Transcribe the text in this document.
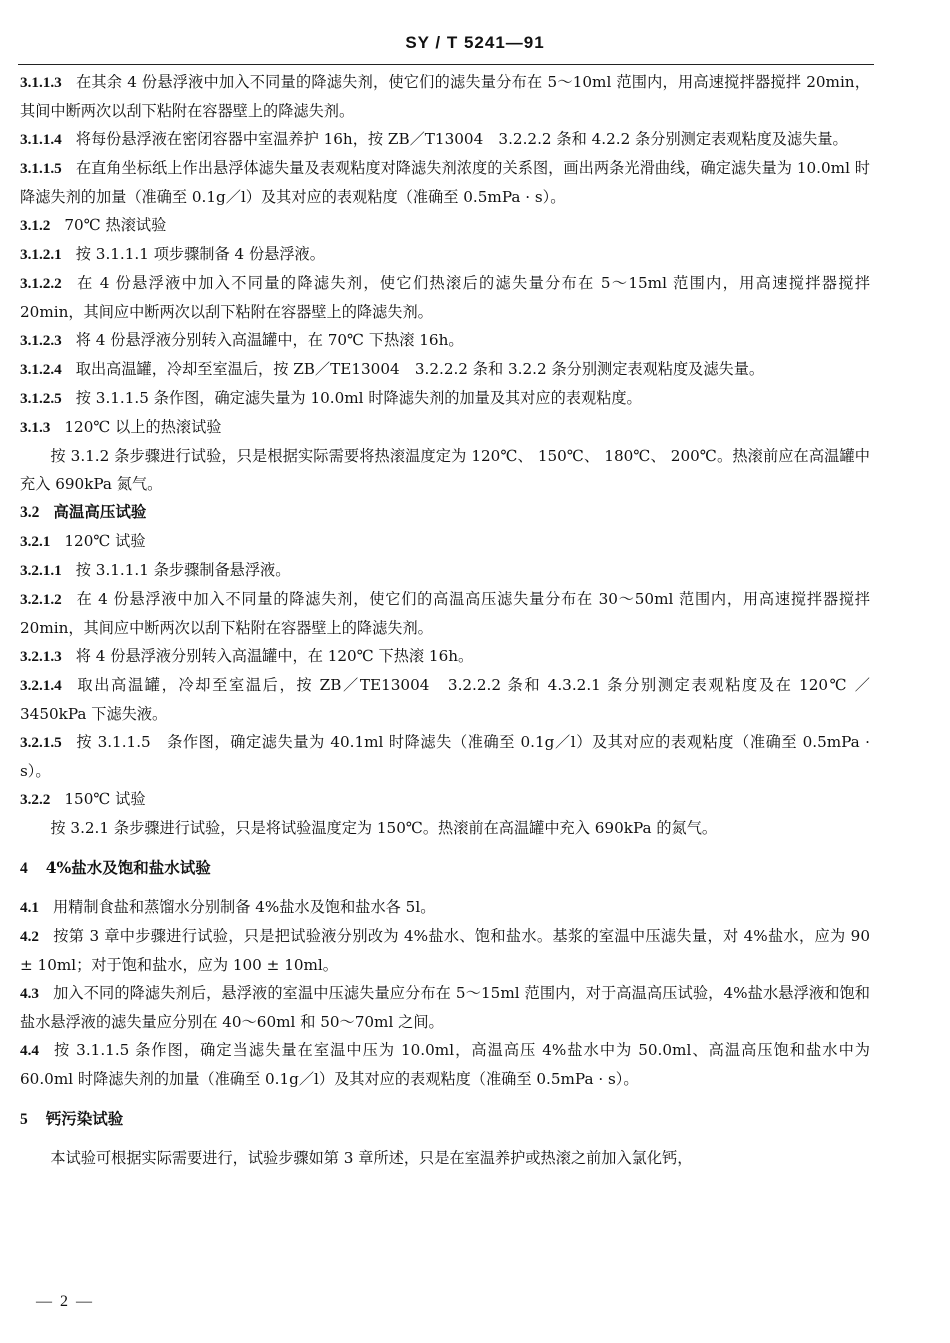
SY / T 5241—91

3.1.1.3 在其余 4 份悬浮液中加入不同量的降滤失剂，使它们的滤失量分布在 5～10ml 范围内，用高速搅拌器搅拌 20min，其间中断两次以刮下粘附在容器壁上的降滤失剂。

3.1.1.4 将每份悬浮液在密闭容器中室温养护 16h，按 ZB／T13004　3.2.2.2 条和 4.2.2 条分别测定表观粘度及滤失量。

3.1.1.5 在直角坐标纸上作出悬浮体滤失量及表观粘度对降滤失剂浓度的关系图，画出两条光滑曲线，确定滤失量为 10.0ml 时降滤失剂的加量（准确至 0.1g／l）及其对应的表观粘度（准确至 0.5mPa · s）。

3.1.2 70℃ 热滚试验

3.1.2.1 按 3.1.1.1 项步骤制备 4 份悬浮液。

3.1.2.2 在 4 份悬浮液中加入不同量的降滤失剂，使它们热滚后的滤失量分布在 5～15ml 范围内，用高速搅拌器搅拌 20min，其间应中断两次以刮下粘附在容器壁上的降滤失剂。

3.1.2.3 将 4 份悬浮液分别转入高温罐中，在 70℃ 下热滚 16h。

3.1.2.4 取出高温罐，冷却至室温后，按 ZB／TE13004　3.2.2.2 条和 3.2.2 条分别测定表观粘度及滤失量。

3.1.2.5 按 3.1.1.5 条作图，确定滤失量为 10.0ml 时降滤失剂的加量及其对应的表观粘度。

3.1.3 120℃ 以上的热滚试验

按 3.1.2 条步骤进行试验，只是根据实际需要将热滚温度定为 120℃、 150℃、 180℃、 200℃。热滚前应在高温罐中充入 690kPa 氮气。

3.2 高温高压试验

3.2.1 120℃ 试验

3.2.1.1 按 3.1.1.1 条步骤制备悬浮液。

3.2.1.2 在 4 份悬浮液中加入不同量的降滤失剂，使它们的高温高压滤失量分布在 30～50ml 范围内，用高速搅拌器搅拌 20min，其间应中断两次以刮下粘附在容器壁上的降滤失剂。

3.2.1.3 将 4 份悬浮液分别转入高温罐中，在 120℃ 下热滚 16h。

3.2.1.4 取出高温罐，冷却至室温后，按 ZB／TE13004　3.2.2.2 条和 4.3.2.1 条分别测定表观粘度及在 120℃ ／3450kPa 下滤失液。

3.2.1.5 按 3.1.1.5　条作图，确定滤失量为 40.1ml 时降滤失（准确至 0.1g／l）及其对应的表观粘度（准确至 0.5mPa · s）。

3.2.2 150℃ 试验

按 3.2.1 条步骤进行试验，只是将试验温度定为 150℃。热滚前在高温罐中充入 690kPa 的氮气。

4 4%盐水及饱和盐水试验

4.1 用精制食盐和蒸馏水分别制备 4%盐水及饱和盐水各 5l。

4.2 按第 3 章中步骤进行试验，只是把试验液分别改为 4%盐水、饱和盐水。基浆的室温中压滤失量，对 4%盐水，应为 90 ± 10ml；对于饱和盐水，应为 100 ± 10ml。

4.3 加入不同的降滤失剂后，悬浮液的室温中压滤失量应分布在 5～15ml 范围内，对于高温高压试验，4%盐水悬浮液和饱和盐水悬浮液的滤失量应分别在 40～60ml 和 50～70ml 之间。

4.4 按 3.1.1.5 条作图，确定当滤失量在室温中压为 10.0ml，高温高压 4%盐水中为 50.0ml、高温高压饱和盐水中为 60.0ml 时降滤失剂的加量（准确至 0.1g／l）及其对应的表观粘度（准确至 0.5mPa · s）。

5 钙污染试验

本试验可根据实际需要进行，试验步骤如第 3 章所述，只是在室温养护或热滚之前加入氯化钙，

— 2 —
